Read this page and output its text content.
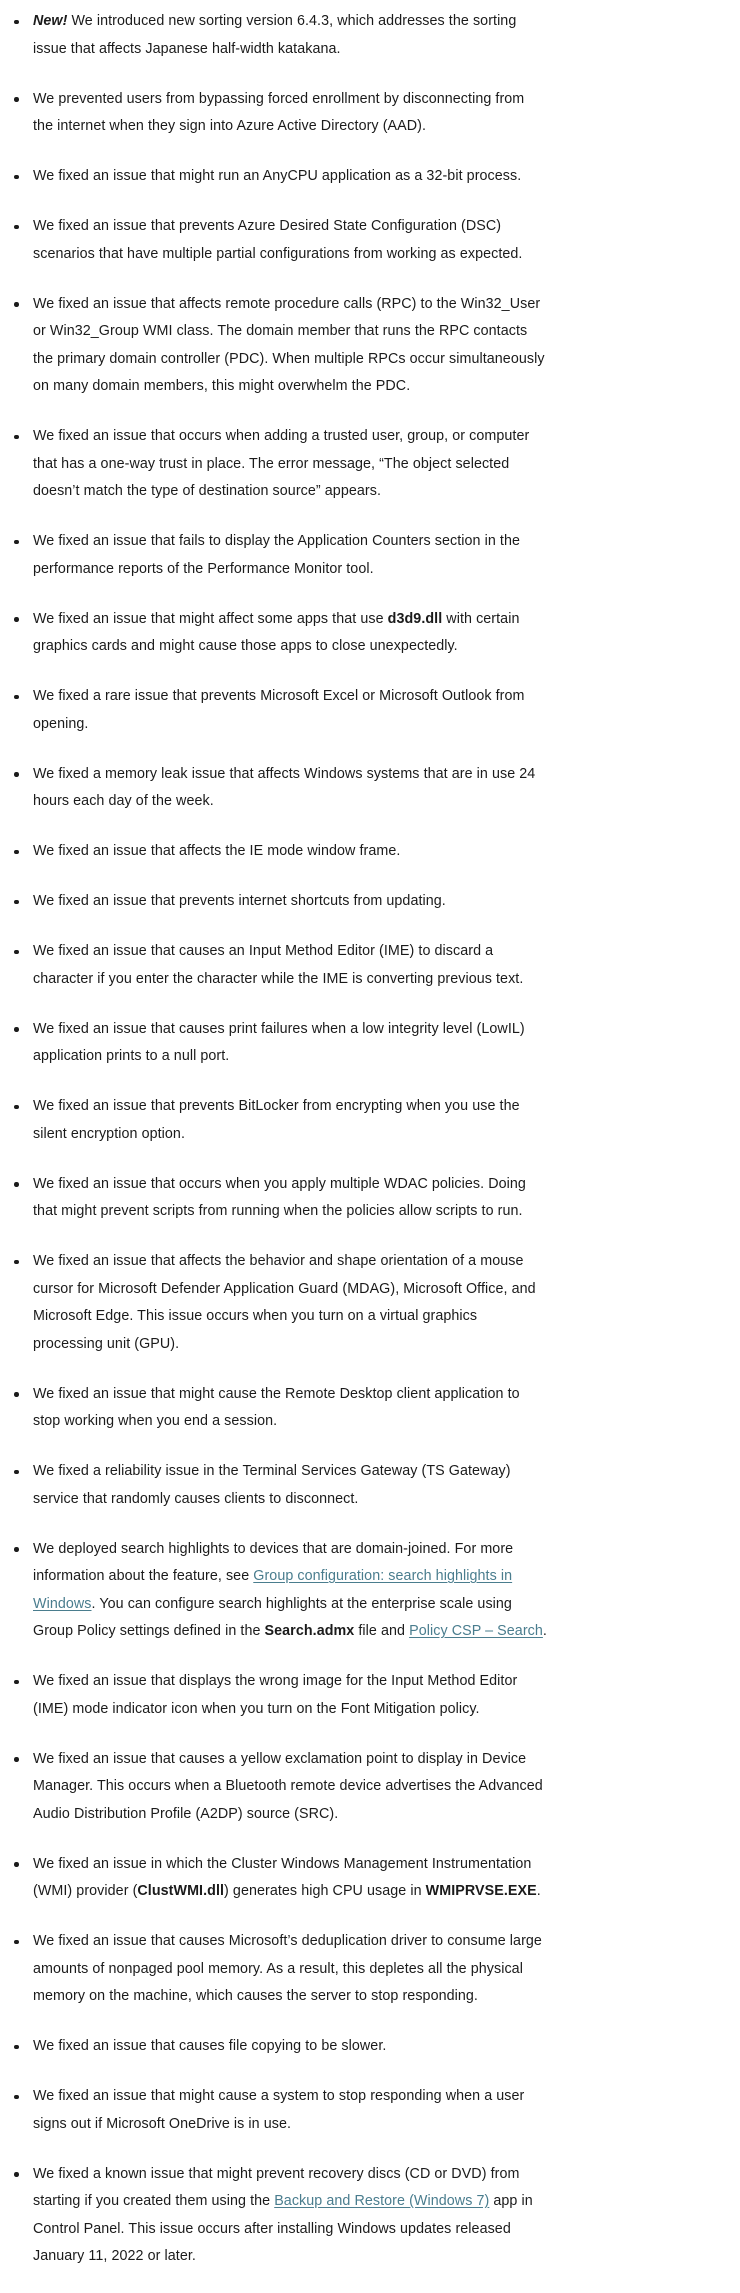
New! We introduced new sorting version 6.4.3, which addresses the sorting issue that affects Japanese half-width katakana.
We prevented users from bypassing forced enrollment by disconnecting from the internet when they sign into Azure Active Directory (AAD).
We fixed an issue that might run an AnyCPU application as a 32-bit process.
We fixed an issue that prevents Azure Desired State Configuration (DSC) scenarios that have multiple partial configurations from working as expected.
We fixed an issue that affects remote procedure calls (RPC) to the Win32_User or Win32_Group WMI class. The domain member that runs the RPC contacts the primary domain controller (PDC). When multiple RPCs occur simultaneously on many domain members, this might overwhelm the PDC.
We fixed an issue that occurs when adding a trusted user, group, or computer that has a one-way trust in place. The error message, “The object selected doesn’t match the type of destination source” appears.
We fixed an issue that fails to display the Application Counters section in the performance reports of the Performance Monitor tool.
We fixed an issue that might affect some apps that use d3d9.dll with certain graphics cards and might cause those apps to close unexpectedly.
We fixed a rare issue that prevents Microsoft Excel or Microsoft Outlook from opening.
We fixed a memory leak issue that affects Windows systems that are in use 24 hours each day of the week.
We fixed an issue that affects the IE mode window frame.
We fixed an issue that prevents internet shortcuts from updating.
We fixed an issue that causes an Input Method Editor (IME) to discard a character if you enter the character while the IME is converting previous text.
We fixed an issue that causes print failures when a low integrity level (LowIL) application prints to a null port.
We fixed an issue that prevents BitLocker from encrypting when you use the silent encryption option.
We fixed an issue that occurs when you apply multiple WDAC policies. Doing that might prevent scripts from running when the policies allow scripts to run.
We fixed an issue that affects the behavior and shape orientation of a mouse cursor for Microsoft Defender Application Guard (MDAG), Microsoft Office, and Microsoft Edge. This issue occurs when you turn on a virtual graphics processing unit (GPU).
We fixed an issue that might cause the Remote Desktop client application to stop working when you end a session.
We fixed a reliability issue in the Terminal Services Gateway (TS Gateway) service that randomly causes clients to disconnect.
We deployed search highlights to devices that are domain-joined. For more information about the feature, see Group configuration: search highlights in Windows. You can configure search highlights at the enterprise scale using Group Policy settings defined in the Search.admx file and Policy CSP – Search.
We fixed an issue that displays the wrong image for the Input Method Editor (IME) mode indicator icon when you turn on the Font Mitigation policy.
We fixed an issue that causes a yellow exclamation point to display in Device Manager. This occurs when a Bluetooth remote device advertises the Advanced Audio Distribution Profile (A2DP) source (SRC).
We fixed an issue in which the Cluster Windows Management Instrumentation (WMI) provider (ClustWMI.dll) generates high CPU usage in WMIPRVSE.EXE.
We fixed an issue that causes Microsoft’s deduplication driver to consume large amounts of nonpaged pool memory. As a result, this depletes all the physical memory on the machine, which causes the server to stop responding.
We fixed an issue that causes file copying to be slower.
We fixed an issue that might cause a system to stop responding when a user signs out if Microsoft OneDrive is in use.
We fixed a known issue that might prevent recovery discs (CD or DVD) from starting if you created them using the Backup and Restore (Windows 7) app in Control Panel. This issue occurs after installing Windows updates released January 11, 2022 or later.
